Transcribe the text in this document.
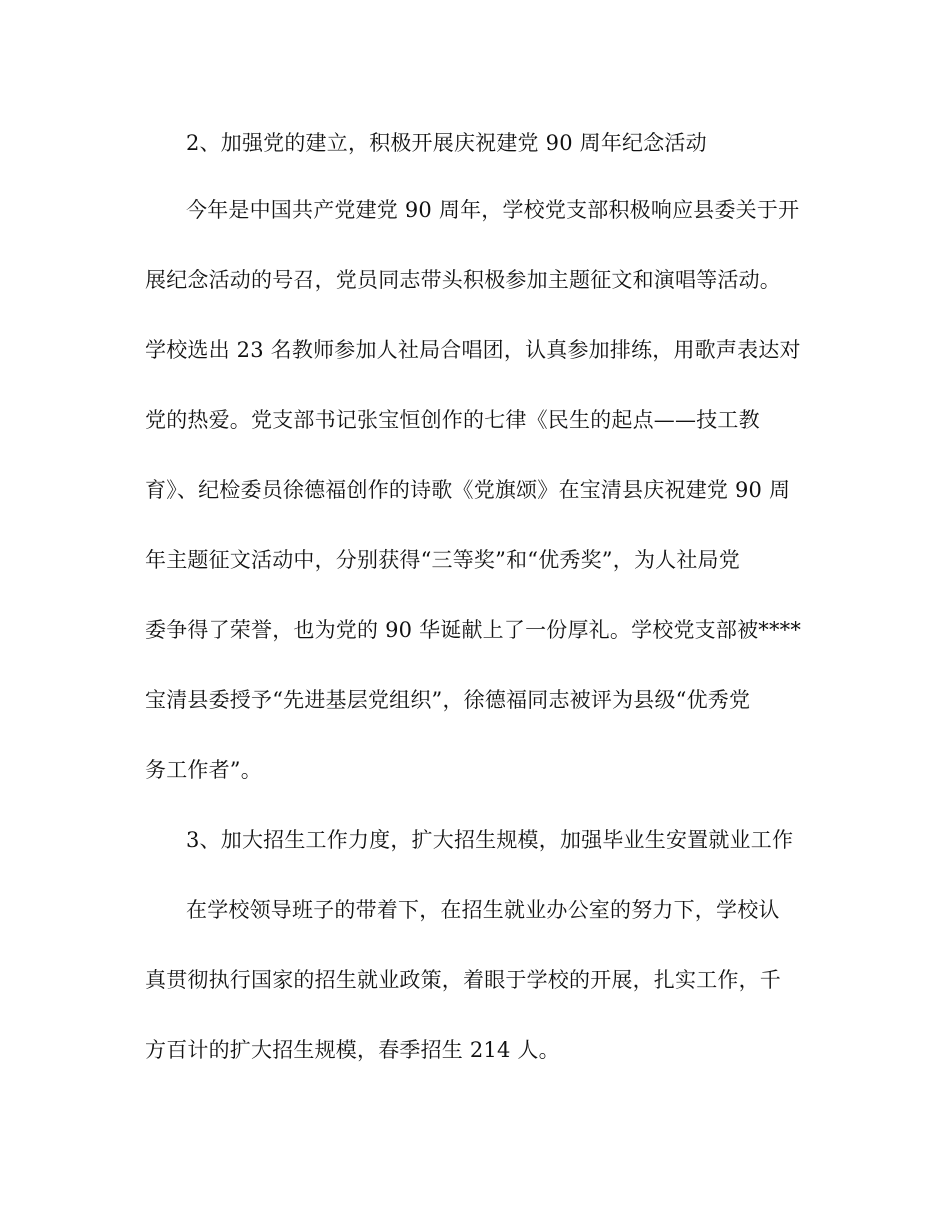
2、加强党的建立，积极开展庆祝建党 90 周年纪念活动
今年是中国共产党建党 90 周年，学校党支部积极响应县委关于开
展纪念活动的号召，党员同志带头积极参加主题征文和演唱等活动。
学校选出 23 名教师参加人社局合唱团，认真参加排练，用歌声表达对
党的热爱。党支部书记张宝恒创作的七律《民生的起点——技工教
育》、纪检委员徐德福创作的诗歌《党旗颂》在宝清县庆祝建党 90 周
年主题征文活动中，分别获得“三等奖”和“优秀奖”，为人社局党
委争得了荣誉，也为党的 90 华诞献上了一份厚礼。学校党支部被****
宝清县委授予“先进基层党组织”，徐德福同志被评为县级“优秀党
务工作者”。
3、加大招生工作力度，扩大招生规模，加强毕业生安置就业工作
在学校领导班子的带着下，在招生就业办公室的努力下，学校认
真贯彻执行国家的招生就业政策，着眼于学校的开展，扎实工作，千
方百计的扩大招生规模，春季招生 214 人。
